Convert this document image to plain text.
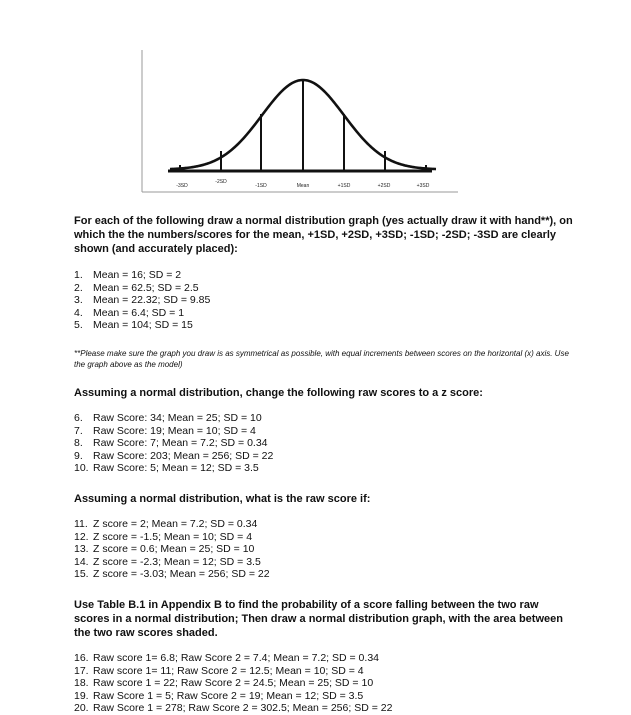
-3SD
-2SD
-1SD	Mean	+1SD	+2SD	+3SD

For each of the following draw a normal distribution graph (yes actually draw it with hand**), on which the the numbers/scores for the mean, +1SD, +2SD, +3SD; -1SD; -2SD; -3SD are clearly shown (and accurately placed):

1. Mean = 16; SD = 2
2. Mean = 62.5; SD = 2.5
3. Mean = 22.32; SD = 9.85
4. Mean = 6.4; SD = 1
5. Mean = 104; SD = 15

**Please make sure the graph you draw is as symmetrical as possible, with equal increments between scores on the horizontal (x) axis. Use the graph above as the model)

Assuming a normal distribution, change the following raw scores to a z score:

6. Raw Score: 34; Mean = 25; SD = 10
7. Raw Score: 19; Mean = 10; SD = 4
8. Raw Score: 7; Mean = 7.2; SD = 0.34
9. Raw Score: 203; Mean = 256; SD = 22
10. Raw Score: 5; Mean = 12; SD = 3.5

Assuming a normal distribution, what is the raw score if:

11. Z score = 2; Mean = 7.2; SD = 0.34
12. Z score = -1.5; Mean = 10; SD = 4
13. Z score = 0.6; Mean = 25; SD = 10
14. Z score = -2.3; Mean = 12; SD = 3.5
15. Z score = -3.03; Mean = 256; SD = 22

Use Table B.1 in Appendix B to find the probability of a score falling between the two raw scores in a normal distribution; Then draw a normal distribution graph, with the area between the two raw scores shaded.

16. Raw score 1= 6.8; Raw Score 2 = 7.4; Mean = 7.2; SD = 0.34
17. Raw score 1= 11; Raw Score 2 = 12.5; Mean = 10; SD = 4
18. Raw score 1 = 22; Raw Score 2 = 24.5; Mean = 25; SD = 10
19. Raw Score 1 = 5; Raw Score 2 = 19; Mean = 12; SD = 3.5
20. Raw Score 1 = 278; Raw Score 2 = 302.5; Mean = 256; SD = 22
